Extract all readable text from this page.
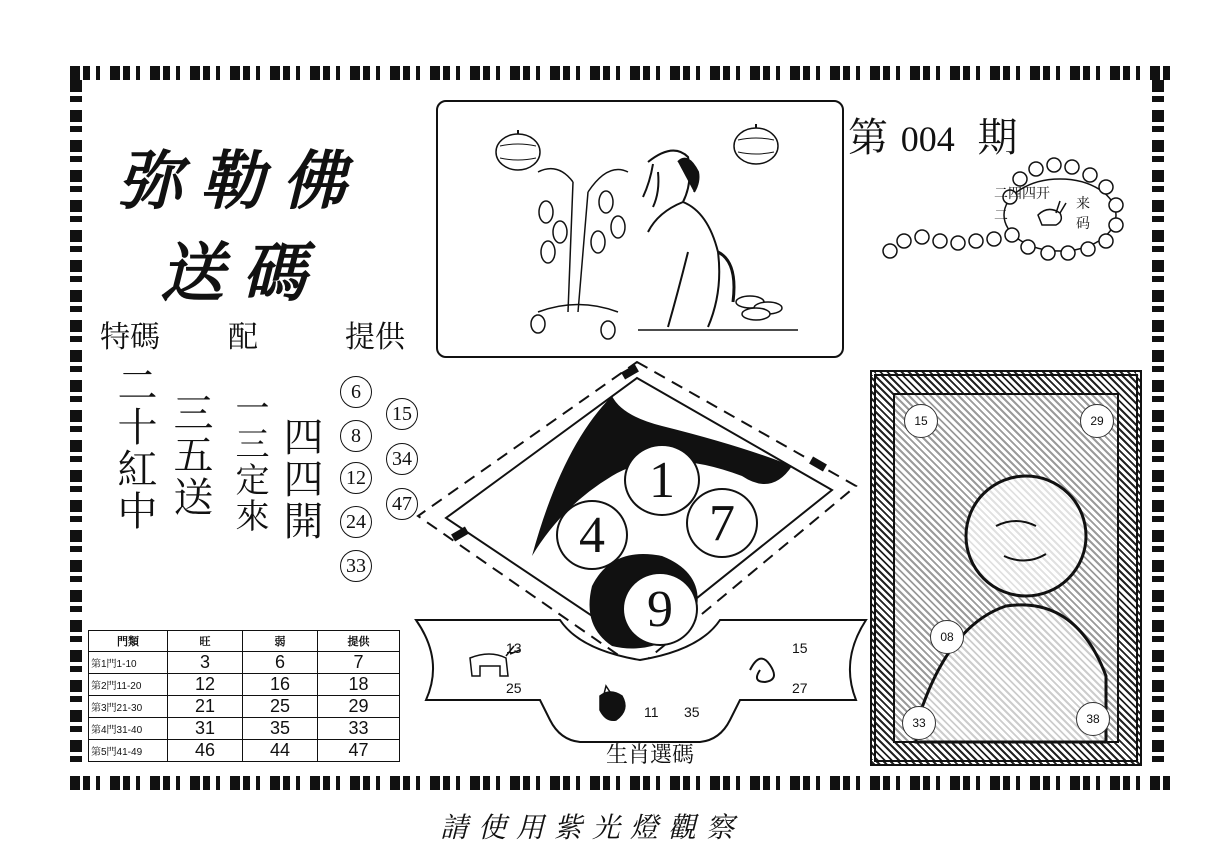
弥勒佛
送碼
特碼 配	提供
二十紅中 三五送 一三定來 四四開
6
8
12
24
33
15
34
47
第 004 期
二四四开
来
码
二
1
4	7
9
13
25
15
27
11 35
生肖選碼
15	29
08
33	38
門類	旺	弱	提供
第1門1-10	3	6	7
第2門11-20	12	16	18
第3門21-30	21	25	29
第4門31-40	31	35	33
第5門41-49	46	44	47
請使用紫光燈觀察
